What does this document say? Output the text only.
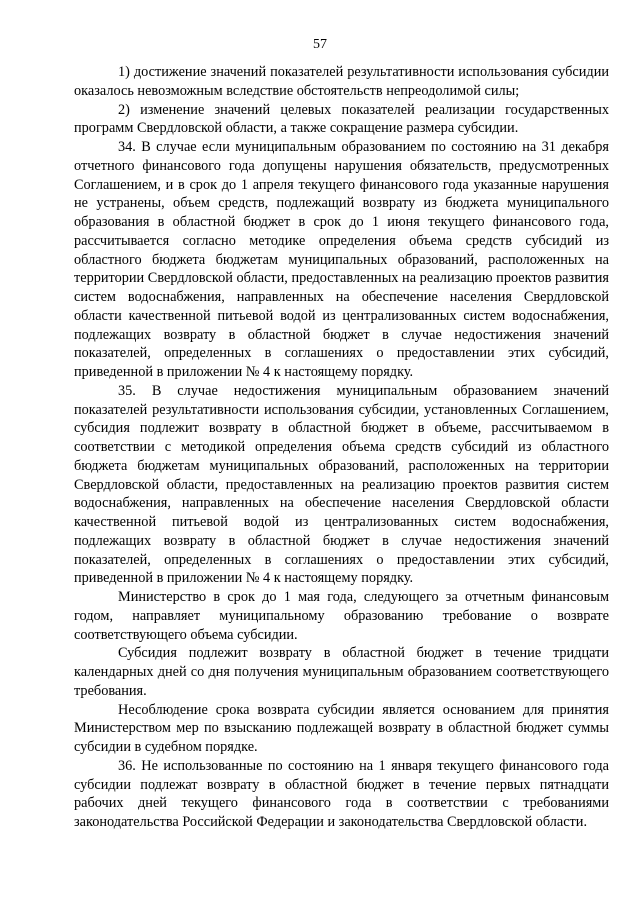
57

1) достижение значений показателей результативности использования субсидии оказалось невозможным вследствие обстоятельств непреодолимой силы;

2) изменение значений целевых показателей реализации государственных программ Свердловской области, а также сокращение размера субсидии.

34. В случае если муниципальным образованием по состоянию на 31 декабря отчетного финансового года допущены нарушения обязательств, предусмотренных Соглашением, и в срок до 1 апреля текущего финансового года указанные нарушения не устранены, объем средств, подлежащий возврату из бюджета муниципального образования в областной бюджет в срок до 1 июня текущего финансового года, рассчитывается согласно методике определения объема средств субсидий из областного бюджета бюджетам муниципальных образований, расположенных на территории Свердловской области, предоставленных на реализацию проектов развития систем водоснабжения, направленных на обеспечение населения Свердловской области качественной питьевой водой из централизованных систем водоснабжения, подлежащих возврату в областной бюджет в случае недостижения значений показателей, определенных в соглашениях о предоставлении этих субсидий, приведенной в приложении № 4 к настоящему порядку.

35. В случае недостижения муниципальным образованием значений показателей результативности использования субсидии, установленных Соглашением, субсидия подлежит возврату в областной бюджет в объеме, рассчитываемом в соответствии с методикой определения объема средств субсидий из областного бюджета бюджетам муниципальных образований, расположенных на территории Свердловской области, предоставленных на реализацию проектов развития систем водоснабжения, направленных на обеспечение населения Свердловской области качественной питьевой водой из централизованных систем водоснабжения, подлежащих возврату в областной бюджет в случае недостижения значений показателей, определенных в соглашениях о предоставлении этих субсидий, приведенной в приложении № 4 к настоящему порядку.

Министерство в срок до 1 мая года, следующего за отчетным финансовым годом, направляет муниципальному образованию требование о возврате соответствующего объема субсидии.

Субсидия подлежит возврату в областной бюджет в течение тридцати календарных дней со дня получения муниципальным образованием соответствующего требования.

Несоблюдение срока возврата субсидии является основанием для принятия Министерством мер по взысканию подлежащей возврату в областной бюджет суммы субсидии в судебном порядке.

36. Не использованные по состоянию на 1 января текущего финансового года субсидии подлежат возврату в областной бюджет в течение первых пятнадцати рабочих дней текущего финансового года в соответствии с требованиями законодательства Российской Федерации и законодательства Свердловской области.
